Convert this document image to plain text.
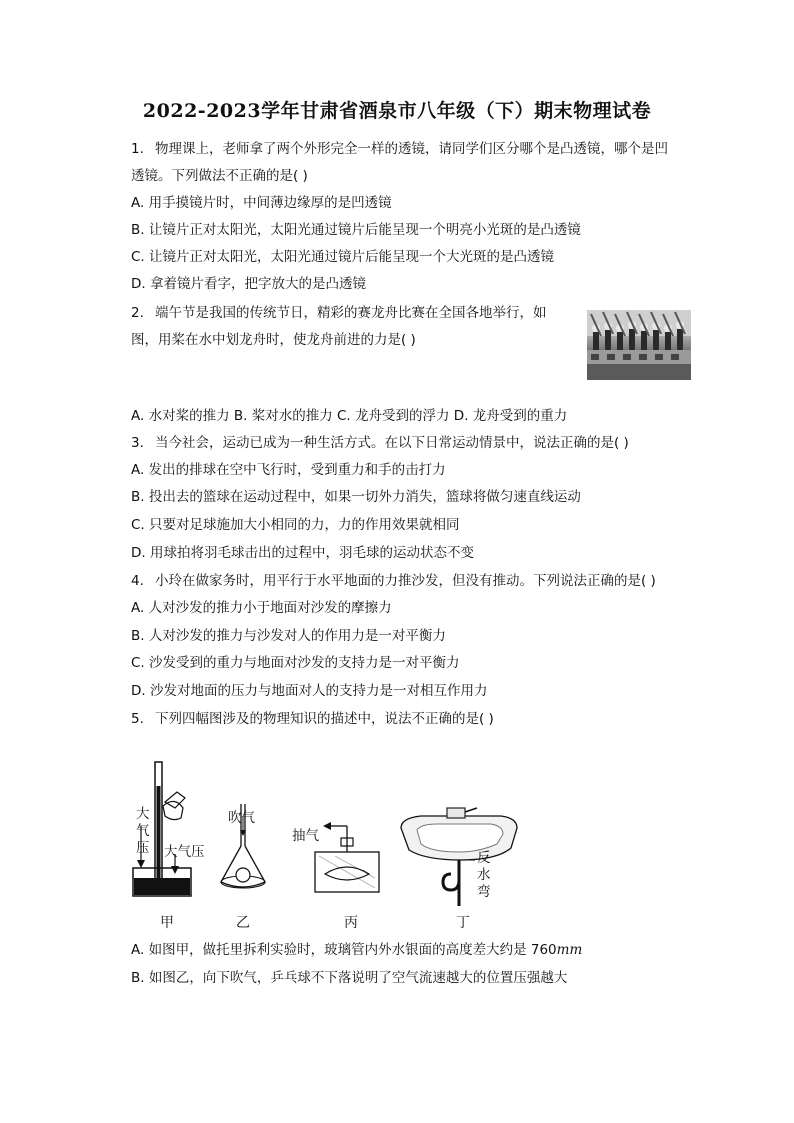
2022-2023学年甘肃省酒泉市八年级（下）期末物理试卷
1. 物理课上，老师拿了两个外形完全一样的透镜，请同学们区分哪个是凸透镜，哪个是凹
透镜。下列做法不正确的是( )
A. 用手摸镜片时，中间薄边缘厚的是凹透镜
B. 让镜片正对太阳光，太阳光通过镜片后能呈现一个明亮小光斑的是凸透镜
C. 让镜片正对太阳光，太阳光通过镜片后能呈现一个大光斑的是凸透镜
D. 拿着镜片看字，把字放大的是凸透镜
2. 端午节是我国的传统节日，精彩的赛龙舟比赛在全国各地举行，如
图，用桨在水中划龙舟时，使龙舟前进的力是( )
A. 水对桨的推力 B. 桨对水的推力 C. 龙舟受到的浮力 D. 龙舟受到的重力
3. 当今社会，运动已成为一种生活方式。在以下日常运动情景中，说法正确的是( )
A. 发出的排球在空中飞行时，受到重力和手的击打力
B. 投出去的篮球在运动过程中，如果一切外力消失，篮球将做匀速直线运动
C. 只要对足球施加大小相同的力，力的作用效果就相同
D. 用球拍将羽毛球击出的过程中，羽毛球的运动状态不变
4. 小玲在做家务时，用平行于水平地面的力推沙发，但没有推动。下列说法正确的是( )
A. 人对沙发的推力小于地面对沙发的摩擦力
B. 人对沙发的推力与沙发对人的作用力是一对平衡力
C. 沙发受到的重力与地面对沙发的支持力是一对平衡力
D. 沙发对地面的压力与地面对人的支持力是一对相互作用力
5. 下列四幅图涉及的物理知识的描述中，说法不正确的是( )
大
气
压 大气压
吹气
抽气
反
水
弯
甲	乙	丙	丁
A. 如图甲，做托里拆利实验时，玻璃管内外水银面的高度差大约是 760mm
B. 如图乙，向下吹气，乒乓球不下落说明了空气流速越大的位置压强越大
